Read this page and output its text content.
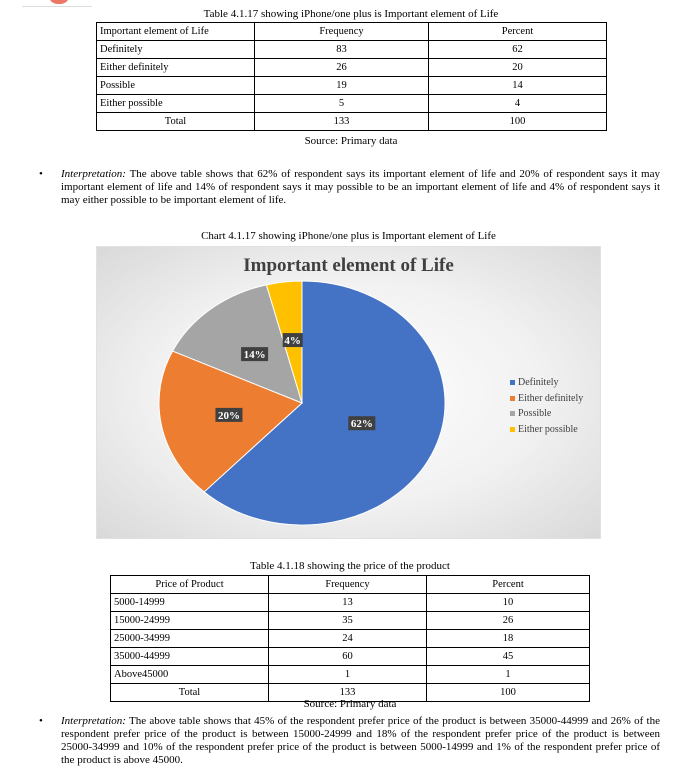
Table 4.1.17 showing iPhone/one plus is Important element of Life
Important element of Life	Frequency	Percent
Definitely	83	62
Either definitely	26	20
Possible	19	14
Either possible	5	4
Total	133	100
Source: Primary data
• Interpretation: The above table shows that 62% of respondent says its important element of life and 20% of respondent says it may important element of life and 14% of respondent says it may possible to be an important element of life and 4% of respondent says it may either possible to be important element of life.
Chart 4.1.17 showing iPhone/one plus is Important element of Life
Important element of Life
62%
20%
14%
4%
Definitely
Either definitely
Possible
Either possible
Table 4.1.18 showing the price of the product
Price of Product	Frequency	Percent
5000-14999	13	10
15000-24999	35	26
25000-34999	24	18
35000-44999	60	45
Above45000	1	1
Total	133	100
Source: Primary data
• Interpretation: The above table shows that 45% of the respondent prefer price of the product is between 35000-44999 and 26% of the respondent prefer price of the product is between 15000-24999 and 18% of the respondent prefer price of the product is between 25000-34999 and 10% of the respondent prefer price of the product is between 5000-14999 and 1% of the respondent prefer price of the product is above 45000.
